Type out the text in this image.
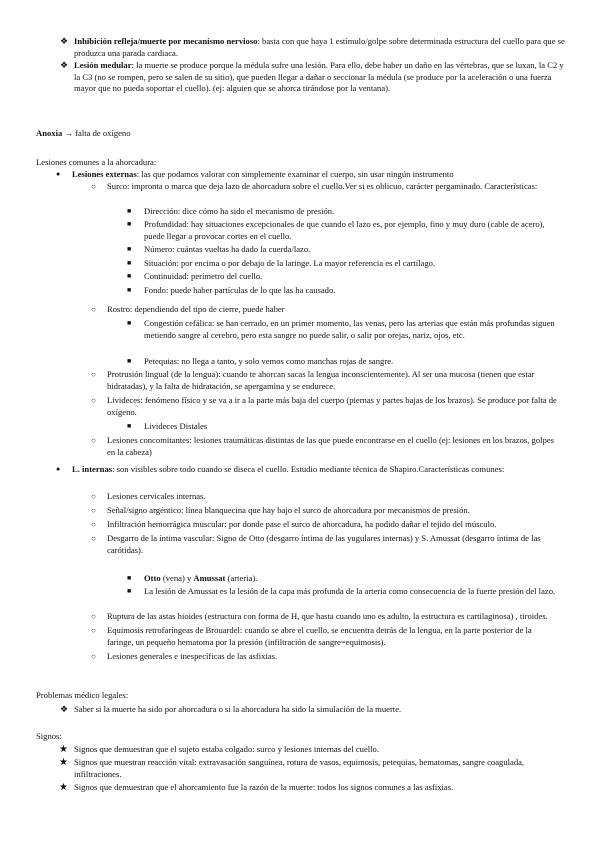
❖ Inhibición refleja/muerte por mecanismo nervioso: basta con que haya 1 estímulo/golpe sobre determinada estructura del cuello para que se produzca una parada cardiaca.
❖ Lesión medular: la muerte se produce porque la médula sufre una lesión. Para ello, debe haber un daño en las vértebras, que se luxan, la C2 y la C3 (no se rompen, pero se salen de su sitio), que pueden llegar a dañar o seccionar la médula (se produce por la aceleración o una fuerza mayor que no pueda soportar el cuello). (ej: alguien que se ahorca tirándose por la ventana).
Anoxia → falta de oxígeno
Lesiones comunes a la ahorcadura:
● Lesiones externas: las que podamos valorar con simplemente examinar el cuerpo, sin usar ningún instrumento
○ Surco: impronta o marca que deja lazo de ahorcadura sobre el cuello.Ver si es oblicuo, carácter pergaminado. Características:
■ Dirección: dice cómo ha sido el mecanismo de presión.
■ Profundidad: hay situaciones excepcionales de que cuando el lazo es, por ejemplo, fino y muy duro (cable de acero), puede llegar a provocar cortes en el cuello.
■ Número: cuántas vueltas ha dado la cuerda/lazo.
■ Situación: por encima o por debajo de la laringe. La mayor referencia es el cartílago.
■ Continuidad: perímetro del cuello.
■ Fondo: puede haber partículas de lo que las ha causado.
○ Rostro: dependiendo del tipo de cierre, puede haber
■ Congestión cefálica: se han cerrado, en un primer momento, las venas, pero las arterias que están más profundas siguen metiendo sangre al cerebro, pero esta sangre no puede salir, o salir por orejas, nariz, ojos, etc.
■ Petequias: no llega a tanto, y solo vemos como manchas rojas de sangre.
○ Protrusión lingual (de la lengua): cuando te ahorcan sacas la lengua inconscientemente). Al ser una mucosa (tienen que estar hidratadas), y la falta de hidratación, se apergamina y se endurece.
○ Livideces: fenómeno físico y se va a ir a la parte más baja del cuerpo (piernas y partes bajas de los brazos). Se produce por falta de oxígeno.
■ Livideces Distales
○ Lesiones concomitantes: lesiones traumáticas distintas de las que puede encontrarse en el cuello (ej: lesiones en los brazos, golpes en la cabeza)
● L. internas: son visibles sobre todo cuando se diseca el cuello. Estudio mediante técnica de Shapiro.Características comunes:
○ Lesiones cervicales internas.
○ Señal/signo argéntico: línea blanquecina que hay bajo el surco de ahorcadura por mecanismos de presión.
○ Infiltración hemorrágica muscular: por donde pase el surco de ahorcadura, ha podido dañar el tejido del músculo.
○ Desgarro de la íntima vascular: Signo de Otto (desgarro íntima de las yugulares internas) y S. Amussat (desgarro íntima de las carótidas).
■ Otto (vena) y Amussat (arteria).
■ La lesión de Amussat es la lesión de la capa más profunda de la arteria como consecuencia de la fuerte presión del lazo.
○ Ruptura de las astas hioides (estructura con forma de H, que hasta cuando uno es adulto, la estructura es cartilaginosa) , tiroides.
○ Equimosis retrofaríngeas de Brouardel: cuando se abre el cuello, se encuentra detrás de la lengua, en la parte posterior de la faringe, un pequeño hematoma por la presión (infiltración de sangre=equimosis).
○ Lesiones generales e inespecíficas de las asfixias.
Problemas médico legales:
❖ Saber si la muerte ha sido por ahorcadura o si la ahorcadura ha sido la simulación de la muerte.
Signos:
★ Signos que demuestran que el sujeto estaba colgado: surco y lesiones internas del cuello.
★ Signos que muestran reacción vital: extravasación sanguínea, rotura de vasos, equimosis, petequias, hematomas, sangre coagulada, infiltraciones.
★ Signos que demuestran que el ahorcamiento fue la razón de la muerte: todos los signos comunes a las asfixias.
